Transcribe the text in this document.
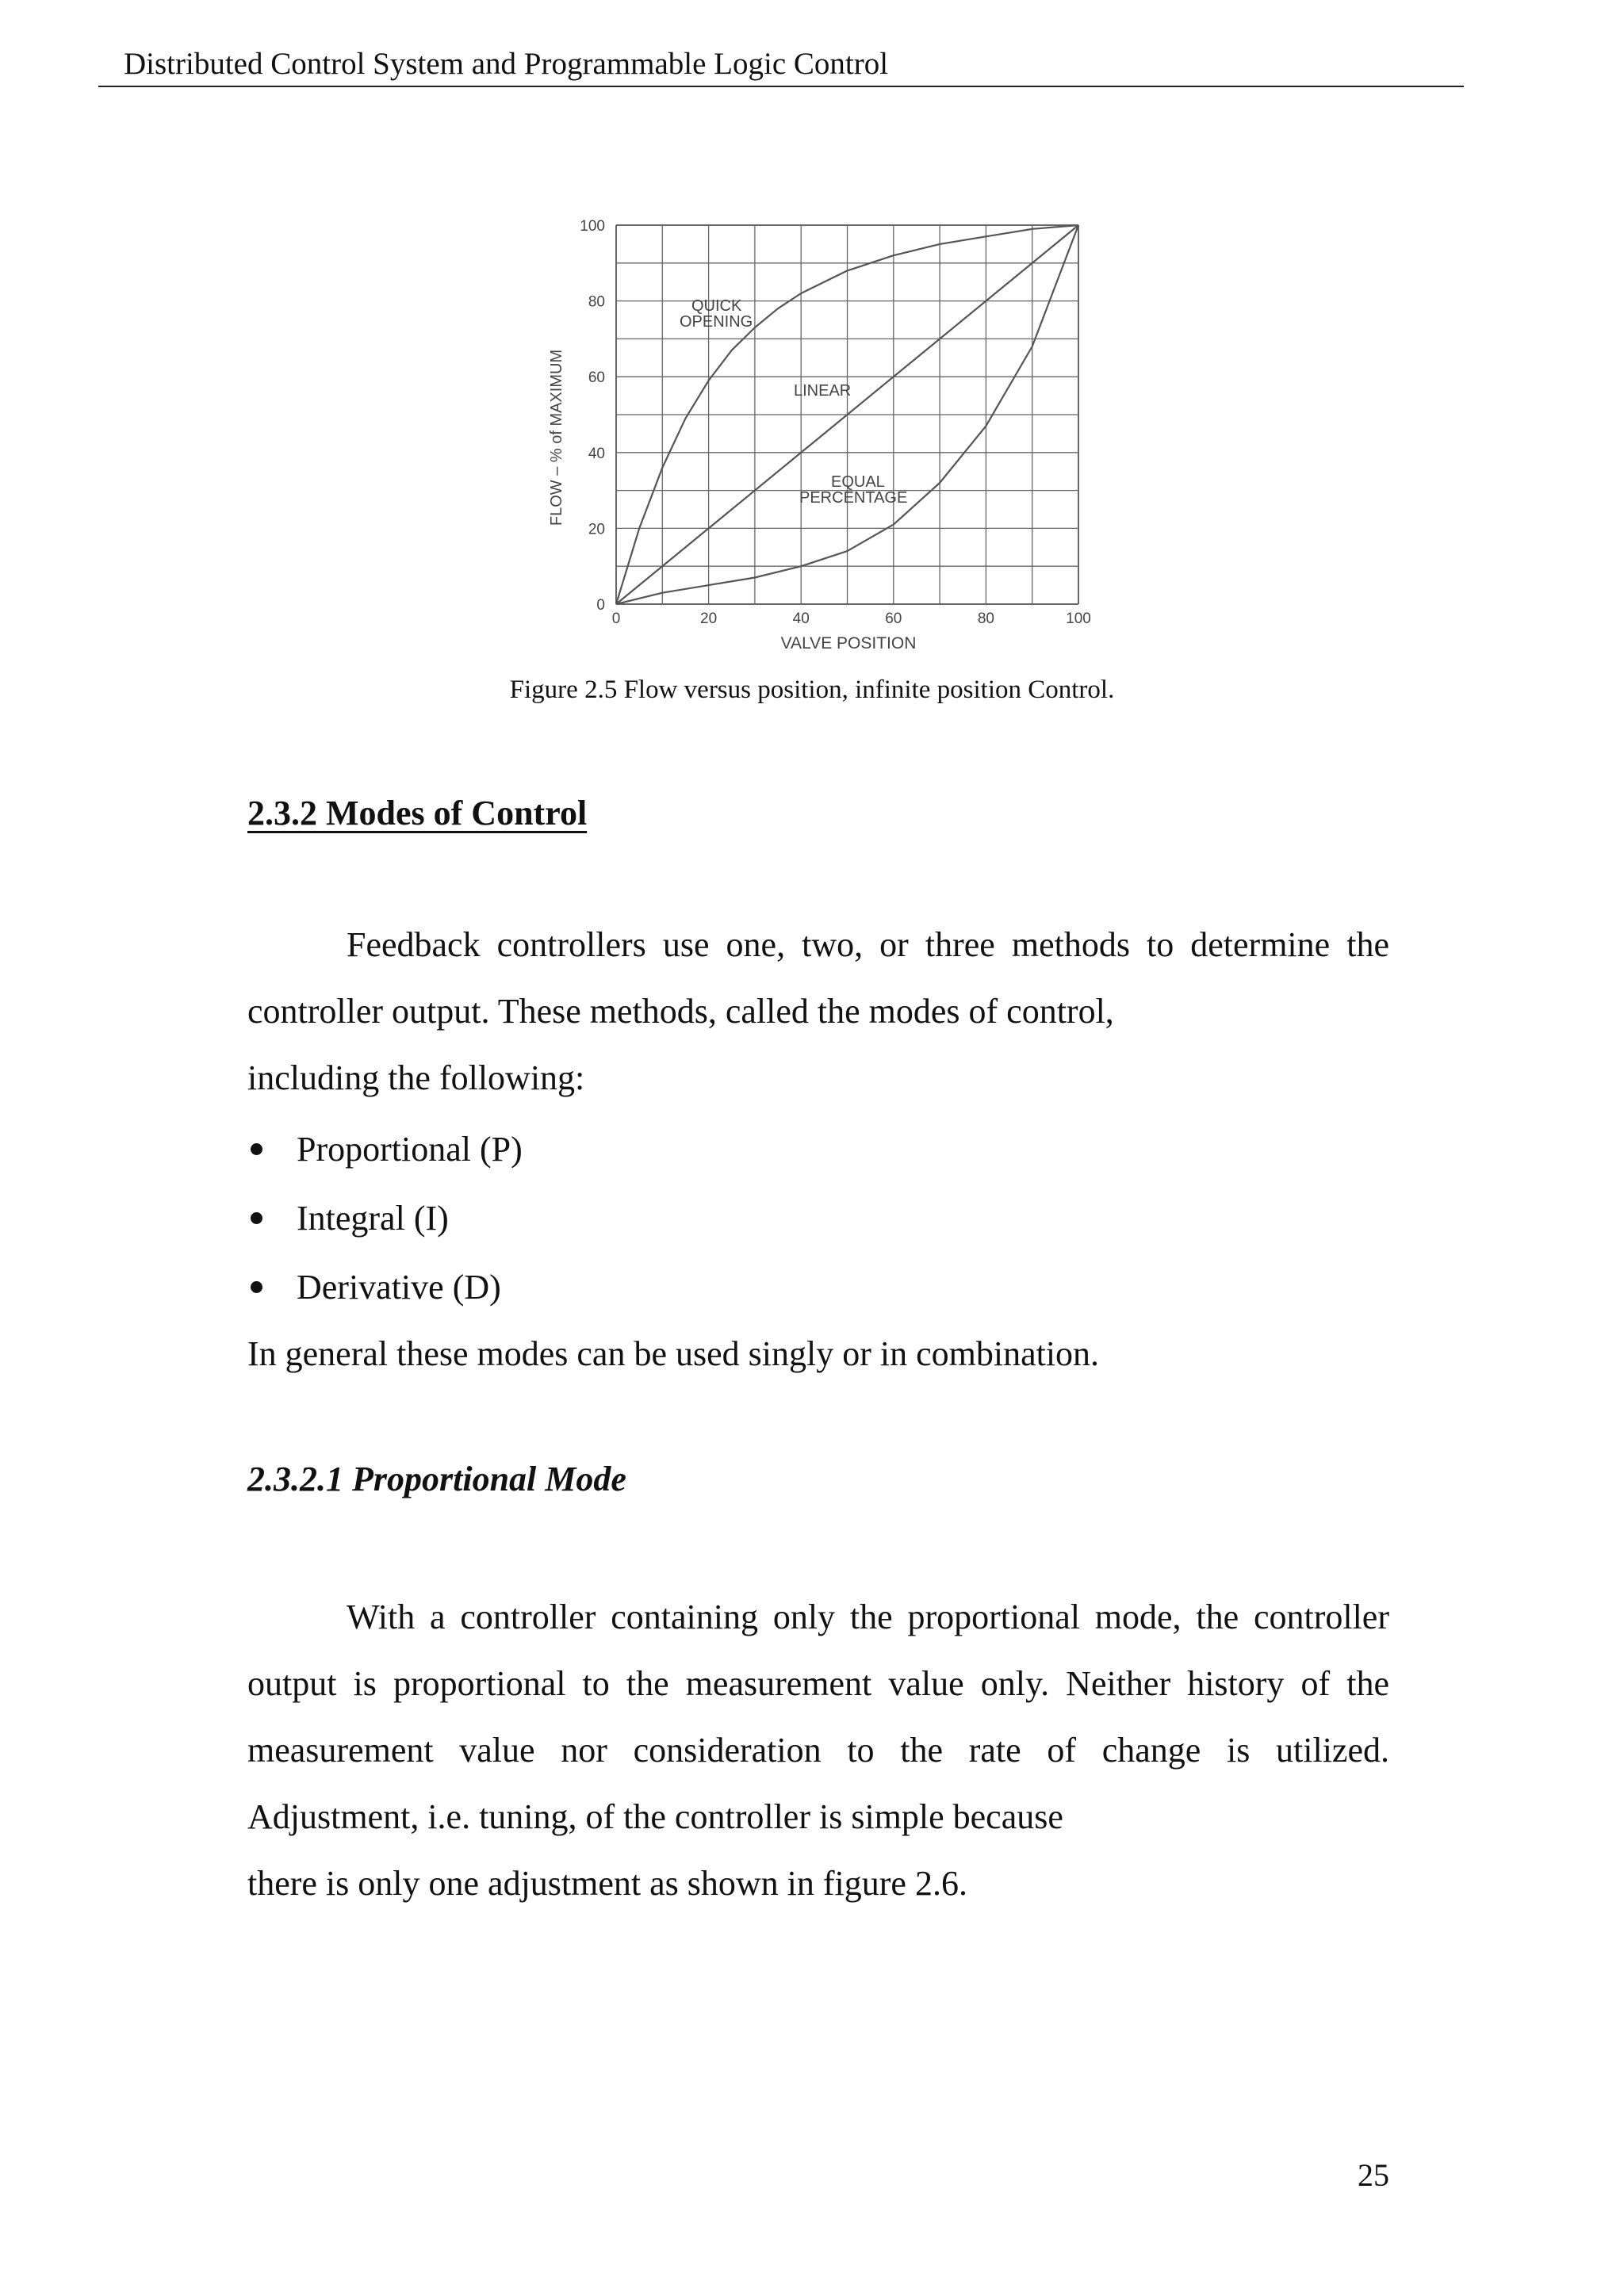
Distributed Control System and Programmable Logic Control
0	20	40	60	80	100
0
20
40
60
80
100
FLOW – % of MAXIMUM
VALVE POSITION
QUICK
OPENING
LINEAR
EQUAL
PERCENTAGE
Figure 2.5 Flow versus position, infinite position Control.
2.3.2 Modes of Control

Feedback controllers use one, two, or three methods to determine the controller output. These methods, called the modes of control,

including the following:
Proportional (P)
Integral (I)
Derivative (D)
In general these modes can be used singly or in combination.
2.3.2.1 Proportional Mode

With a controller containing only the proportional mode, the controller output is proportional to the measurement value only. Neither history of the measurement value nor consideration to the rate of change is utilized. Adjustment, i.e. tuning, of the controller is simple because

there is only one adjustment as shown in figure 2.6.
25
